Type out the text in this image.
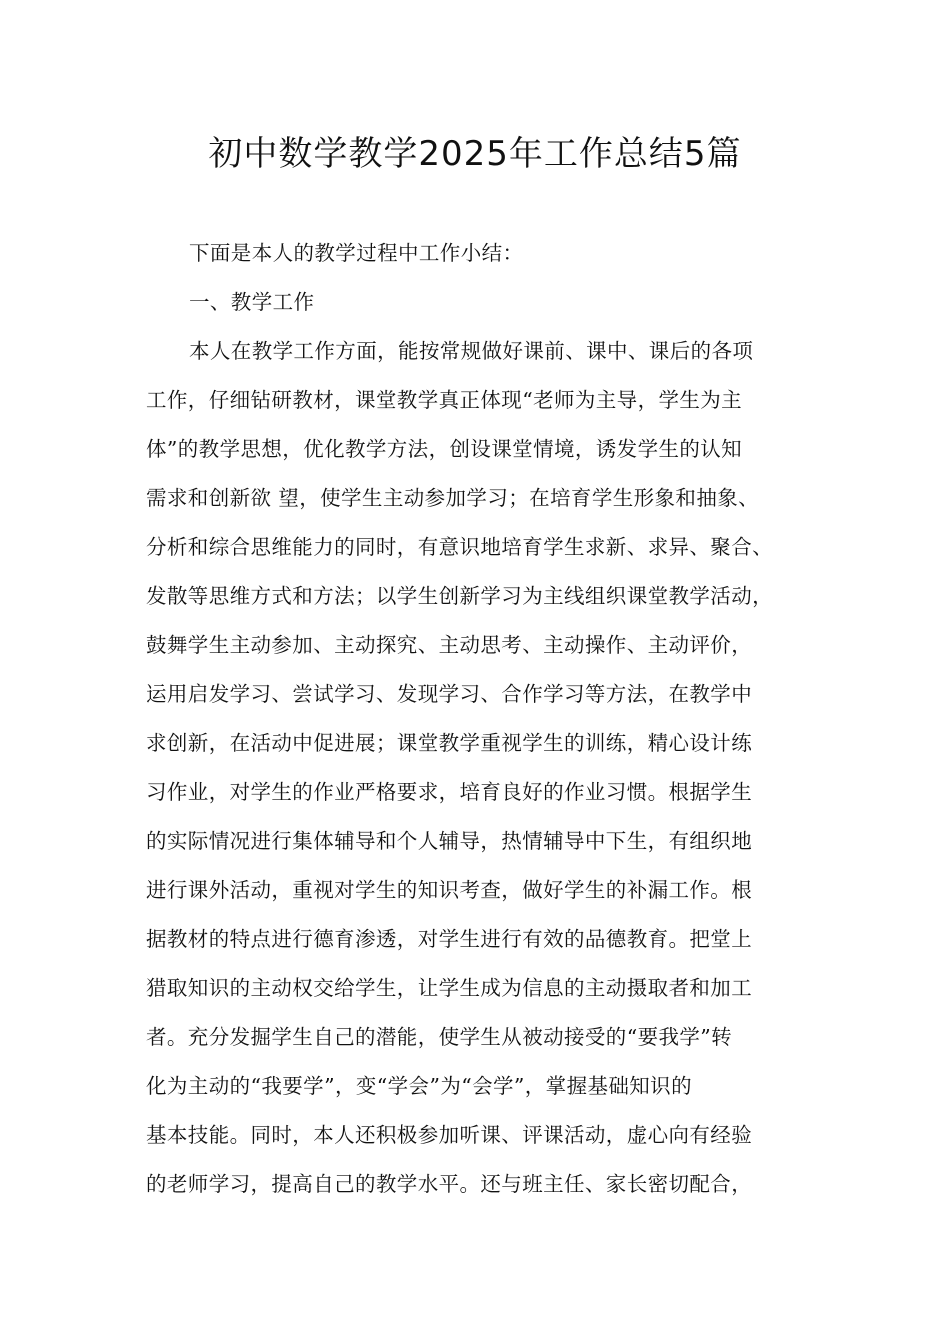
初中数学教学2025年工作总结5篇
下面是本人的教学过程中工作小结：
一、教学工作
本人在教学工作方面，能按常规做好课前、课中、课后的各项
工作，仔细钻研教材，课堂教学真正体现“老师为主导，学生为主
体”的教学思想，优化教学方法，创设课堂情境，诱发学生的认知
需求和创新欲 望，使学生主动参加学习；在培育学生形象和抽象、
分析和综合思维能力的同时，有意识地培育学生求新、求异、聚合、
发散等思维方式和方法；以学生创新学习为主线组织课堂教学活动，
鼓舞学生主动参加、主动探究、主动思考、主动操作、主动评价，
运用启发学习、尝试学习、发现学习、合作学习等方法，在教学中
求创新，在活动中促进展；课堂教学重视学生的训练，精心设计练
习作业，对学生的作业严格要求，培育良好的作业习惯。根据学生
的实际情况进行集体辅导和个人辅导，热情辅导中下生，有组织地
进行课外活动，重视对学生的知识考查，做好学生的补漏工作。根
据教材的特点进行德育渗透，对学生进行有效的品德教育。把堂上
猎取知识的主动权交给学生，让学生成为信息的主动摄取者和加工
者。充分发掘学生自己的潜能，使学生从被动接受的“要我学”转
化为主动的“我要学”，变“学会”为“会学”，掌握基础知识的
基本技能。同时，本人还积极参加听课、评课活动，虚心向有经验
的老师学习，提高自己的教学水平。还与班主任、家长密切配合，
